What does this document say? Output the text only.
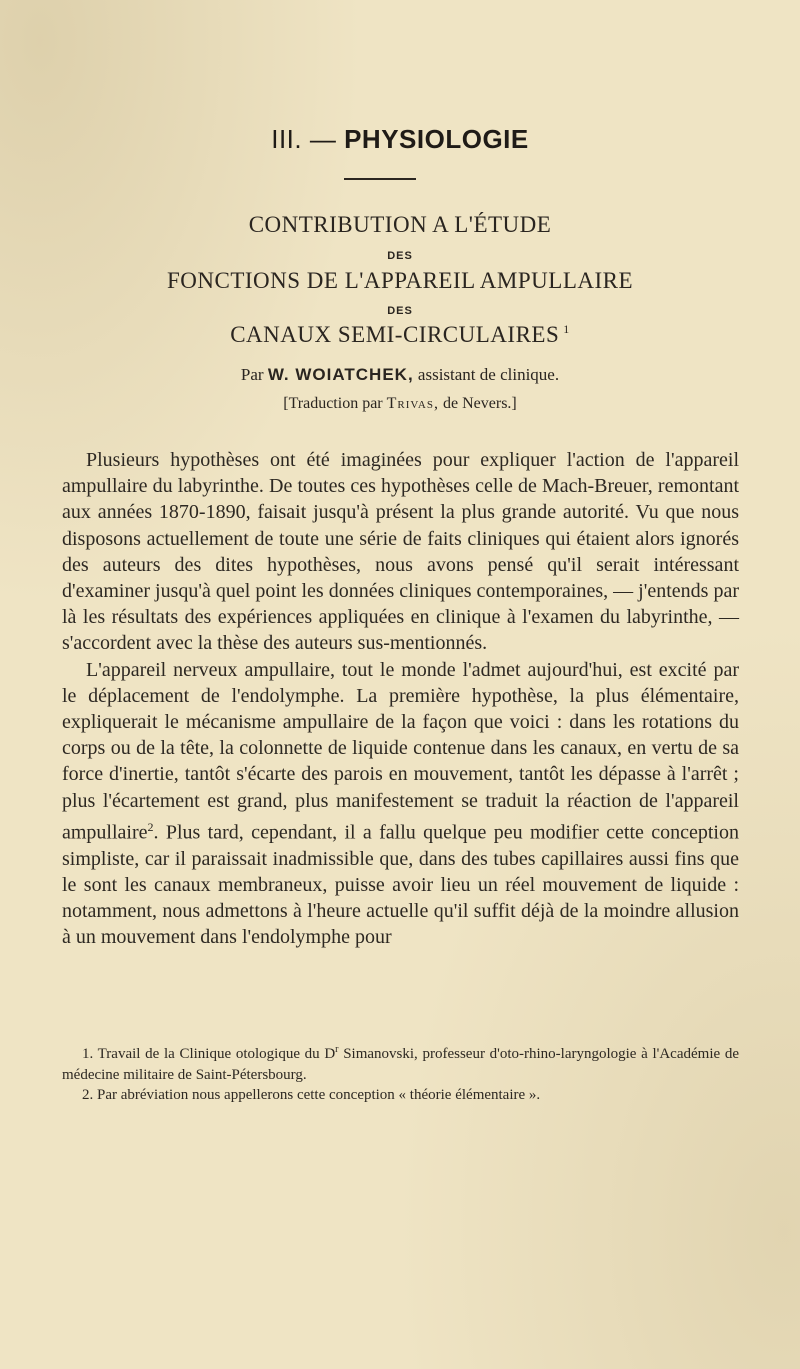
III. — PHYSIOLOGIE
CONTRIBUTION A L'ÉTUDE
DES
FONCTIONS DE L'APPAREIL AMPULLAIRE
DES
CANAUX SEMI-CIRCULAIRES $^1$
Par W. WOIATCHEK, assistant de clinique.
[Traduction par Trivas, de Nevers.]

Plusieurs hypothèses ont été imaginées pour expliquer l'action de l'appareil ampullaire du labyrinthe. De toutes ces hypothèses celle de Mach-Breuer, remontant aux années 1870-1890, faisait jusqu'à présent la plus grande autorité. Vu que nous disposons actuellement de toute une série de faits cliniques qui étaient alors ignorés des auteurs des dites hypothèses, nous avons pensé qu'il serait intéressant d'examiner jusqu'à quel point les données cliniques contemporaines, — j'entends par là les résultats des expériences appliquées en clinique à l'examen du labyrinthe, — s'accordent avec la thèse des auteurs sus-mentionnés.

L'appareil nerveux ampullaire, tout le monde l'admet aujourd'hui, est excité par le déplacement de l'endolymphe. La première hypothèse, la plus élémentaire, expliquerait le mécanisme ampullaire de la façon que voici : dans les rotations du corps ou de la tête, la colonnette de liquide contenue dans les canaux, en vertu de sa force d'inertie, tantôt s'écarte des parois en mouvement, tantôt les dépasse à l'arrêt ; plus l'écartement est grand, plus manifestement se traduit la réaction de l'appareil ampullaire$^2$. Plus tard, cependant, il a fallu quelque peu modifier cette conception simpliste, car il paraissait inadmissible que, dans des tubes capillaires aussi fins que le sont les canaux membraneux, puisse avoir lieu un réel mouvement de liquide : notamment, nous admettons à l'heure actuelle qu'il suffit déjà de la moindre allusion à un mouvement dans l'endolymphe pour

1. Travail de la Clinique otologique du $D^r$ Simanovski, professeur d'oto-rhino-laryngologie à l'Académie de médecine militaire de Saint-Pétersbourg.

2. Par abréviation nous appellerons cette conception « théorie élémentaire ».
